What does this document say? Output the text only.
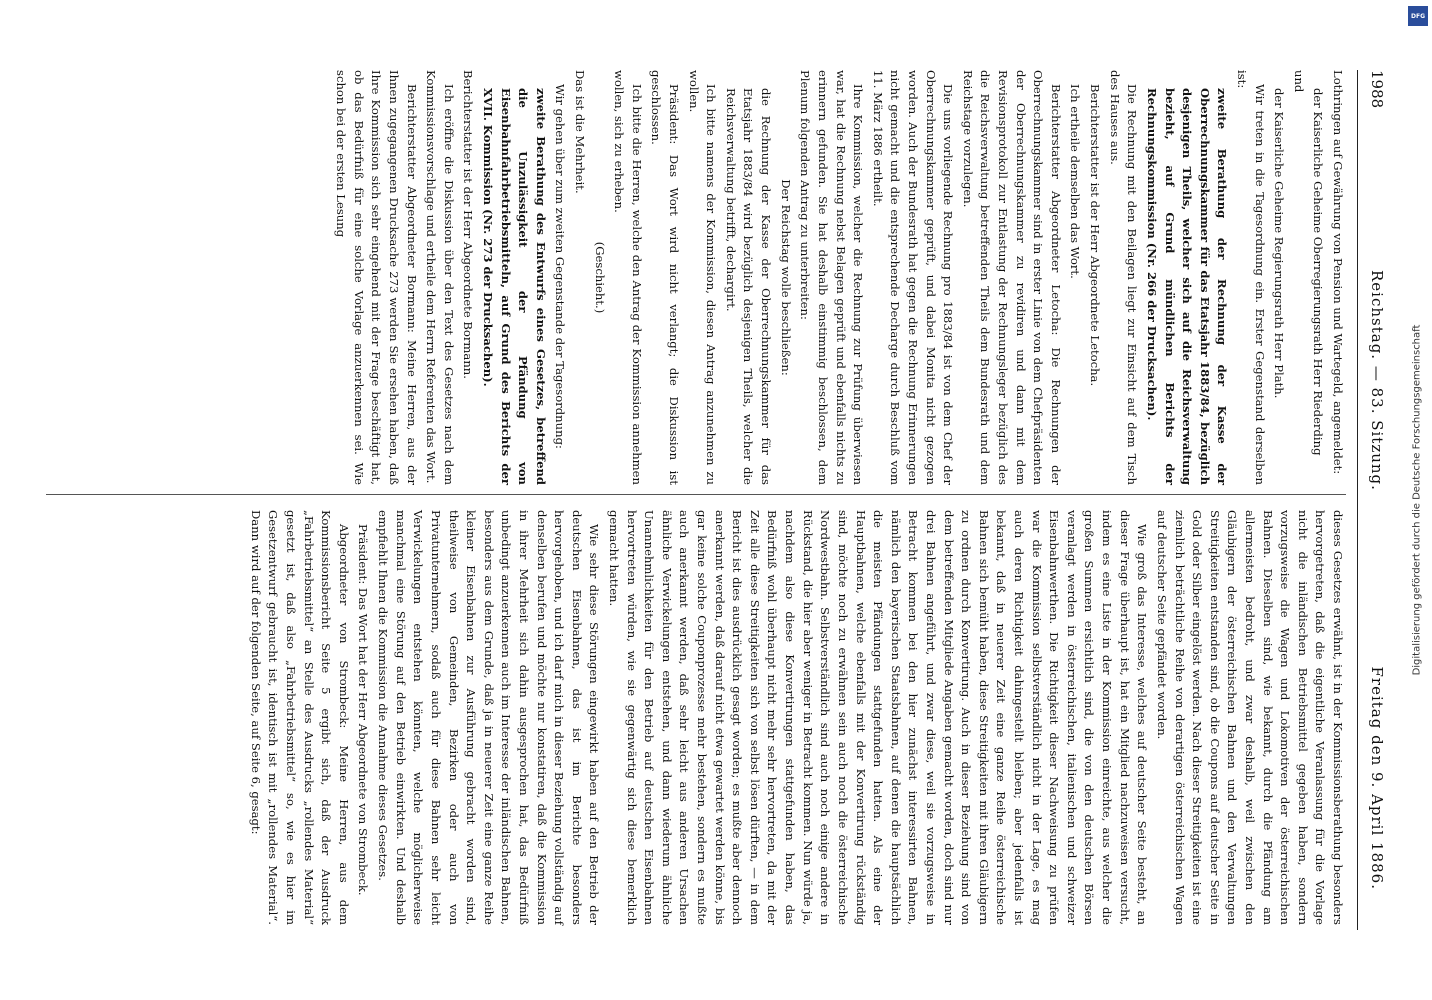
1988
Reichstag. — 83. Sitzung.
Freitag den 9. April 1886.

Lothringen auf Gewährung von Pension und Wartegeld, angemeldet:

der Kaiserliche Geheime Oberregierungsrath Herr Riederding

und

der Kaiserliche Geheime Regierungsrath Herr Plath.

Wir treten in die Tagesordnung ein. Erster Gegenstand derselben ist:

zweite Berathung der Rechnung der Kasse der Oberrechnungskammer für das Etatsjahr 1883/84, bezüglich desjenigen Theils, welcher sich auf die Reichsverwaltung bezieht, auf Grund mündlichen Berichts der Rechnungskommission (Nr. 266 der Drucksachen).

Die Rechnung mit den Beilagen liegt zur Einsicht auf dem Tisch des Hauses aus.

Berichterstatter ist der Herr Abgeordnete Letocha.

Ich ertheile demselben das Wort.

Berichterstatter Abgeordneter Letocha: Die Rechnungen der Oberrechnungskammer sind in erster Linie von dem Chefpräsidenten der Oberrechnungskammer zu revidiren und dann mit dem Revisionsprotokoll zur Entlastung der Rechnungsleger bezüglich des die Reichsverwaltung betreffenden Theils dem Bundesrath und dem Reichstage vorzulegen.

Die uns vorliegende Rechnung pro 1883/84 ist von dem Chef der Oberrechnungskammer geprüft, und dabei Monita nicht gezogen worden. Auch der Bundesrath hat gegen die Rechnung Erinnerungen nicht gemacht und die entsprechende Decharge durch Beschluß vom 11. März 1886 ertheilt.

Ihre Kommission, welcher die Rechnung zur Prüfung überwiesen war, hat die Rechnung nebst Belagen geprüft und ebenfalls nichts zu erinnern gefunden. Sie hat deshalb einstimmig beschlossen, dem Plenum folgenden Antrag zu unterbreiten:

Der Reichstag wolle beschließen:

die Rechnung der Kasse der Oberrechnungskammer für das Etatsjahr 1883/84 wird bezüglich desjenigen Theils, welcher die Reichsverwaltung betrifft, dechargirt.

Ich bitte namens der Kommission, diesen Antrag anzunehmen zu wollen.

Präsident: Das Wort wird nicht verlangt; die Diskussion ist geschlossen.

Ich bitte die Herren, welche den Antrag der Kommission annehmen wollen, sich zu erheben.

(Geschieht.)

Das ist die Mehrheit.

Wir gehen über zum zweiten Gegenstande der Tagesordnung:

zweite Berathung des Entwurfs eines Gesetzes, betreffend die Unzulässigkeit der Pfändung von Eisenbahnfahrbetriebsmitteln, auf Grund des Berichts der XVII. Kommission (Nr. 273 der Drucksachen).

Berichterstatter ist der Herr Abgeordnete Bormann.

Ich eröffne die Diskussion über den Text des Gesetzes nach dem Kommissionsvorschlage und ertheile dem Herrn Referenten das Wort.

Berichterstatter Abgeordneter Bormann: Meine Herren, aus der Ihnen zugegangenen Drucksache 273 werden Sie ersehen haben, daß Ihre Kommission sich sehr eingehend mit der Frage beschäftigt hat, ob das Bedürfniß für eine solche Vorlage anzuerkennen sei. Wie schon bei der ersten Lesung

dieses Gesetzes erwähnt, ist in der Kommissionsberathung besonders hervorgetreten, daß die eigentliche Veranlassung für die Vorlage nicht die inländischen Betriebsmittel gegeben haben, sondern vorzugsweise die Wagen und Lokomotiven der österreichischen Bahnen. Dieselben sind, wie bekannt, durch die Pfändung am allermeisten bedroht, und zwar deshalb, weil zwischen den Gläubigern der österreichischen Bahnen und den Verwaltungen Streitigkeiten entstanden sind, ob die Coupons auf deutscher Seite in Gold oder Silber eingelöst werden. Nach dieser Streitigkeiten ist eine ziemlich beträchtliche Reihe von derartigen österreichischen Wagen auf deutscher Seite gepfändet worden.

Wie groß das Interesse, welches auf deutscher Seite besteht, an dieser Frage überhaupt ist, hat ein Mitglied nachzuweisen versucht, indem es eine Liste in der Kommission einreichte, aus welcher die großen Summen ersichtlich sind, die von den deutschen Börsen veranlagt werden in österreichischen, italienischen und schweizer Eisenbahnwerthen. Die Richtigkeit dieser Nachweisung zu prüfen war die Kommission selbstverständlich nicht in der Lage, es mag auch deren Richtigkeit dahingestellt bleiben; aber jedenfalls ist bekannt, daß in neuerer Zeit eine ganze Reihe österreichische Bahnen sich bemüht haben, diese Streitigkeiten mit ihren Gläubigern zu ordnen durch Konvertirung. Auch in dieser Beziehung sind von dem betreffenden Mitgliede Angaben gemacht worden, doch sind nur drei Bahnen angeführt, und zwar diese, weil sie vorzugsweise in Betracht kommen bei den hier zunächst interessirten Bahnen, nämlich den bayerischen Staatsbahnen, auf denen die hauptsächlich die meisten Pfändungen stattgefunden hatten. Als eine der Hauptbahnen, welche ebenfalls mit der Konvertirung rückständig sind, möchte noch zu erwähnen sein auch noch die österreichische Nordwestbahn. Selbstverständlich sind auch noch einige andere in Rückstand, die hier aber weniger in Betracht kommen. Nun würde ja, nachdem also diese Konvertirungen stattgefunden haben, das Bedürfniß wohl überhaupt nicht mehr sehr hervortreten, da mit der Zeit alle diese Streitigkeiten sich von selbst lösen dürften, — in dem Bericht ist dies ausdrücklich gesagt worden; es mußte aber dennoch anerkannt werden, daß darauf nicht etwa gewartet werden könne, bis gar keine solche Couponprozesse mehr bestehen, sondern es mußte auch anerkannt werden, daß sehr leicht aus anderen Ursachen ähnliche Verwickelungen entstehen, und dann wiederum ähnliche Unannehmlichkeiten für den Betrieb auf deutschen Eisenbahnen hervortreten würden, wie sie gegenwärtig sich diese bemerklich gemacht hatten.

Wie sehr diese Störungen eingewirkt haben auf den Betrieb der deutschen Eisenbahnen, das ist im Berichte besonders hervorgehoben, und ich darf mich in dieser Beziehung vollständig auf denselben berufen und möchte nur konstatiren, daß die Kommission in ihrer Mehrheit sich dahin ausgesprochen hat, das Bedürfniß unbedingt anzuerkennen auch im Interesse der inländischen Bahnen, besonders aus dem Grunde, daß ja in neuerer Zeit eine ganze Reihe kleiner Eisenbahnen zur Ausführung gebracht worden sind, theilweise von Gemeinden, Bezirken oder auch von Privatunternehmern, sodaß auch für diese Bahnen sehr leicht Verwickelungen entstehen könnten, welche möglicherweise manchmal eine Störung auf den Betrieb einwirkten. Und deshalb empfiehlt Ihnen die Kommission die Annahme dieses Gesetzes.

Präsident: Das Wort hat der Herr Abgeordnete von Strombeck.

Abgeordneter von Strombeck: Meine Herren, aus dem Kommissionsbericht Seite 5 ergibt sich, daß der Ausdruck „Fahrbetriebsmittel“ an Stelle des Ausdrucks „rollendes Material“ gesetzt ist, daß also „Fahrbetriebsmittel“ so, wie es hier im Gesetzentwurf gebraucht ist, identisch ist mit „rollendes Material“. Dann wird auf der folgenden Seite, auf Seite 6, gesagt:	Digitalisierung gefördert durch die Deutsche Forschungsgemeinschaft
DFG
